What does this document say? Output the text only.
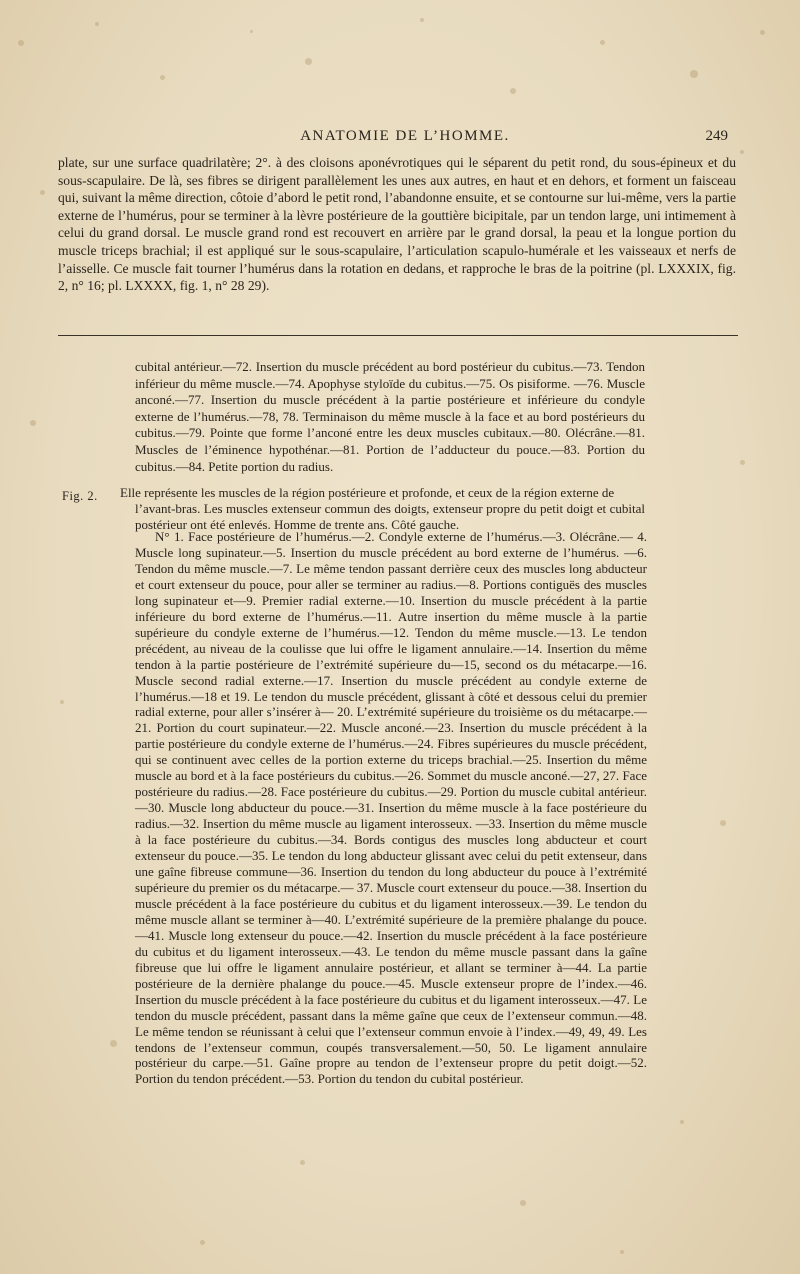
ANATOMIE DE L’HOMME.	249

plate, sur une surface quadrilatère; 2°. à des cloisons aponévrotiques qui le séparent du petit rond, du sous-épineux et du sous-scapulaire. De là, ses fibres se dirigent parallèlement les unes aux autres, en haut et en dehors, et forment un faisceau qui, suivant la même direction, côtoie d’abord le petit rond, l’abandonne ensuite, et se contourne sur lui-même, vers la partie externe de l’humérus, pour se terminer à la lèvre postérieure de la gouttière bicipitale, par un tendon large, uni intimement à celui du grand dorsal. Le muscle grand rond est recouvert en arrière par le grand dorsal, la peau et la longue portion du muscle triceps brachial; il est appliqué sur le sous-scapulaire, l’articulation scapulo-humérale et les vaisseaux et nerfs de l’aisselle. Ce muscle fait tourner l’humérus dans la rotation en dedans, et rapproche le bras de la poitrine (pl. LXXXIX, fig. 2, n° 16; pl. LXXXX, fig. 1, n° 28 29).

cubital antérieur.—72. Insertion du muscle précédent au bord postérieur du cubitus.—73. Tendon inférieur du même muscle.—74. Apophyse styloïde du cubitus.—75. Os pisiforme. —76. Muscle anconé.—77. Insertion du muscle précédent à la partie postérieure et inférieure du condyle externe de l’humérus.—78, 78. Terminaison du même muscle à la face et au bord postérieurs du cubitus.—79. Pointe que forme l’anconé entre les deux muscles cubitaux.—80. Olécrâne.—81. Muscles de l’éminence hypothénar.—81. Portion de l’adducteur du pouce.—83. Portion du cubitus.—84. Petite portion du radius.

Fig. 2. Elle représente les muscles de la région postérieure et profonde, et ceux de la région externe de

l’avant-bras. Les muscles extenseur commun des doigts, extenseur propre du petit doigt et cubital postérieur ont été enlevés. Homme de trente ans. Côté gauche.

N° 1. Face postérieure de l’humérus.—2. Condyle externe de l’humérus.—3. Olécrâne.— 4. Muscle long supinateur.—5. Insertion du muscle précédent au bord externe de l’humérus. —6. Tendon du même muscle.—7. Le même tendon passant derrière ceux des muscles long abducteur et court extenseur du pouce, pour aller se terminer au radius.—8. Portions contiguës des muscles long supinateur et—9. Premier radial externe.—10. Insertion du muscle précédent à la partie inférieure du bord externe de l’humérus.—11. Autre insertion du même muscle à la partie supérieure du condyle externe de l’humérus.—12. Tendon du même muscle.—13. Le tendon précédent, au niveau de la coulisse que lui offre le ligament annulaire.—14. Insertion du même tendon à la partie postérieure de l’extrémité supérieure du—15, second os du métacarpe.—16. Muscle second radial externe.—17. Insertion du muscle précédent au condyle externe de l’humérus.—18 et 19. Le tendon du muscle précédent, glissant à côté et dessous celui du premier radial externe, pour aller s’insérer à— 20. L’extrémité supérieure du troisième os du métacarpe.—21. Portion du court supinateur.—22. Muscle anconé.—23. Insertion du muscle précédent à la partie postérieure du condyle externe de l’humérus.—24. Fibres supérieures du muscle précédent, qui se continuent avec celles de la portion externe du triceps brachial.—25. Insertion du même muscle au bord et à la face postérieurs du cubitus.—26. Sommet du muscle anconé.—27, 27. Face postérieure du radius.—28. Face postérieure du cubitus.—29. Portion du muscle cubital antérieur.—30. Muscle long abducteur du pouce.—31. Insertion du même muscle à la face postérieure du radius.—32. Insertion du même muscle au ligament interosseux. —33. Insertion du même muscle à la face postérieure du cubitus.—34. Bords contigus des muscles long abducteur et court extenseur du pouce.—35. Le tendon du long abducteur glissant avec celui du petit extenseur, dans une gaîne fibreuse commune—36. Insertion du tendon du long abducteur du pouce à l’extrémité supérieure du premier os du métacarpe.— 37. Muscle court extenseur du pouce.—38. Insertion du muscle précédent à la face postérieure du cubitus et du ligament interosseux.—39. Le tendon du même muscle allant se terminer à—40. L’extrémité supérieure de la première phalange du pouce.—41. Muscle long extenseur du pouce.—42. Insertion du muscle précédent à la face postérieure du cubitus et du ligament interosseux.—43. Le tendon du même muscle passant dans la gaîne fibreuse que lui offre le ligament annulaire postérieur, et allant se terminer à—44. La partie postérieure de la dernière phalange du pouce.—45. Muscle extenseur propre de l’index.—46. Insertion du muscle précédent à la face postérieure du cubitus et du ligament interosseux.—47. Le tendon du muscle précédent, passant dans la même gaîne que ceux de l’extenseur commun.—48. Le même tendon se réunissant à celui que l’extenseur commun envoie à l’index.—49, 49, 49. Les tendons de l’extenseur commun, coupés transversalement.—50, 50. Le ligament annulaire postérieur du carpe.—51. Gaîne propre au tendon de l’extenseur propre du petit doigt.—52. Portion du tendon précédent.—53. Portion du tendon du cubital postérieur.
